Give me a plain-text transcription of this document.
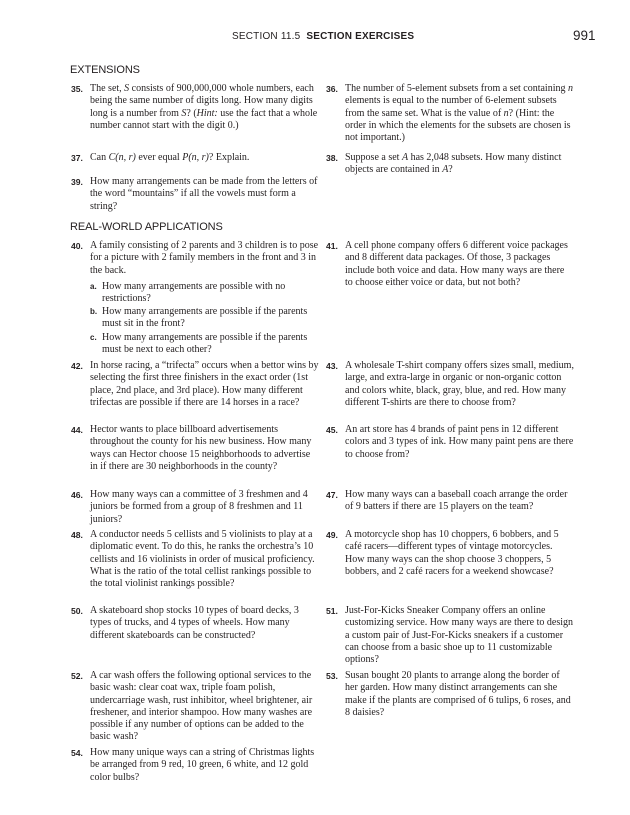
SECTION 11.5 SECTION EXERCISES	991
EXTENSIONS
35. The set, S consists of 900,000,000 whole numbers, each being the same number of digits long. How many digits long is a number from S? (Hint: use the fact that a whole number cannot start with the digit 0.)
36. The number of 5-element subsets from a set containing n elements is equal to the number of 6-element subsets from the same set. What is the value of n? (Hint: the order in which the elements for the subsets are chosen is not important.)
37. Can C(n, r) ever equal P(n, r)? Explain.	38. Suppose a set A has 2,048 subsets. How many distinct objects are contained in A?
39. How many arrangements can be made from the letters of the word “mountains” if all the vowels must form a string?
REAL-WORLD APPLICATIONS
40. A family consisting of 2 parents and 3 children is to pose for a picture with 2 family members in the front and 3 in the back.
a. How many arrangements are possible with no restrictions?
b. How many arrangements are possible if the parents must sit in the front?
c. How many arrangements are possible if the parents must be next to each other?
41. A cell phone company offers 6 different voice packages and 8 different data packages. Of those, 3 packages include both voice and data. How many ways are there to choose either voice or data, but not both?
42. In horse racing, a “trifecta” occurs when a bettor wins by selecting the first three finishers in the exact order (1st place, 2nd place, and 3rd place). How many different trifectas are possible if there are 14 horses in a race?
43. A wholesale T-shirt company offers sizes small, medium, large, and extra-large in organic or non-organic cotton and colors white, black, gray, blue, and red. How many different T-shirts are there to choose from?
44. Hector wants to place billboard advertisements throughout the county for his new business. How many ways can Hector choose 15 neighborhoods to advertise in if there are 30 neighborhoods in the county?
45. An art store has 4 brands of paint pens in 12 different colors and 3 types of ink. How many paint pens are there to choose from?
46. How many ways can a committee of 3 freshmen and 4 juniors be formed from a group of 8 freshmen and 11 juniors?
47. How many ways can a baseball coach arrange the order of 9 batters if there are 15 players on the team?
48. A conductor needs 5 cellists and 5 violinists to play at a diplomatic event. To do this, he ranks the orchestra’s 10 cellists and 16 violinists in order of musical proficiency. What is the ratio of the total cellist rankings possible to the total violinist rankings possible?
49. A motorcycle shop has 10 choppers, 6 bobbers, and 5 café racers—different types of vintage motorcycles. How many ways can the shop choose 3 choppers, 5 bobbers, and 2 café racers for a weekend showcase?
50. A skateboard shop stocks 10 types of board decks, 3 types of trucks, and 4 types of wheels. How many different skateboards can be constructed?
51. Just-For-Kicks Sneaker Company offers an online customizing service. How many ways are there to design a custom pair of Just-For-Kicks sneakers if a customer can choose from a basic shoe up to 11 customizable options?
52. A car wash offers the following optional services to the basic wash: clear coat wax, triple foam polish, undercarriage wash, rust inhibitor, wheel brightener, air freshener, and interior shampoo. How many washes are possible if any number of options can be added to the basic wash?
53. Susan bought 20 plants to arrange along the border of her garden. How many distinct arrangements can she make if the plants are comprised of 6 tulips, 6 roses, and 8 daisies?
54. How many unique ways can a string of Christmas lights be arranged from 9 red, 10 green, 6 white, and 12 gold color bulbs?
